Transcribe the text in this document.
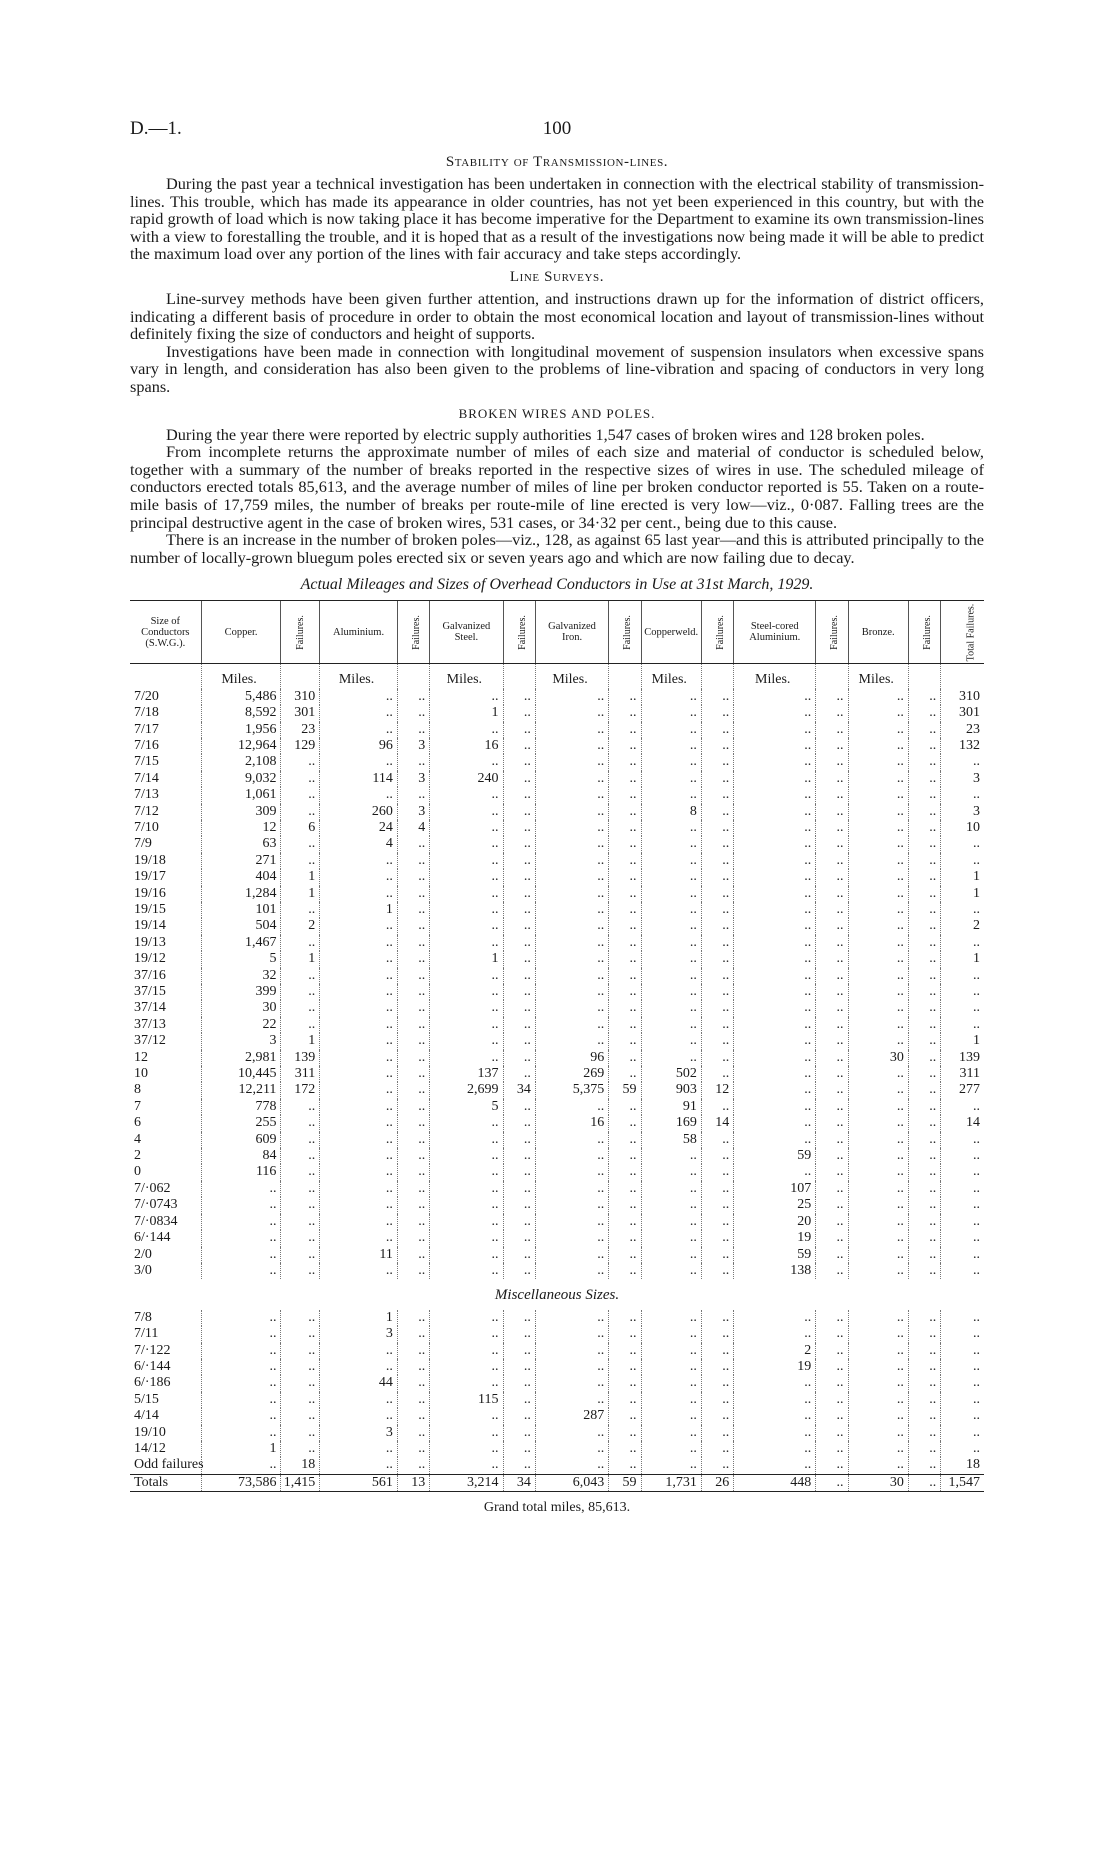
D.—1.	100
Stability of Transmission-lines.

During the past year a technical investigation has been undertaken in connection with the electrical stability of transmission-lines. This trouble, which has made its appearance in older countries, has not yet been experienced in this country, but with the rapid growth of load which is now taking place it has become imperative for the Department to examine its own transmission-lines with a view to forestalling the trouble, and it is hoped that as a result of the investigations now being made it will be able to predict the maximum load over any portion of the lines with fair accuracy and take steps accordingly.

Line Surveys.

Line-survey methods have been given further attention, and instructions drawn up for the information of district officers, indicating a different basis of procedure in order to obtain the most economical location and layout of transmission-lines without definitely fixing the size of conductors and height of supports.

Investigations have been made in connection with longitudinal movement of suspension insulators when excessive spans vary in length, and consideration has also been given to the problems of line-vibration and spacing of conductors in very long spans.

BROKEN WIRES AND POLES.

During the year there were reported by electric supply authorities 1,547 cases of broken wires and 128 broken poles.

From incomplete returns the approximate number of miles of each size and material of conductor is scheduled below, together with a summary of the number of breaks reported in the respective sizes of wires in use. The scheduled mileage of conductors erected totals 85,613, and the average number of miles of line per broken conductor reported is 55. Taken on a route-mile basis of 17,759 miles, the number of breaks per route-mile of line erected is very low—viz., 0·087. Falling trees are the principal destructive agent in the case of broken wires, 531 cases, or 34·32 per cent., being due to this cause.

There is an increase in the number of broken poles—viz., 128, as against 65 last year—and this is attributed principally to the number of locally-grown bluegum poles erected six or seven years ago and which are now failing due to decay.

Actual Mileages and Sizes of Overhead Conductors in Use at 31st March, 1929.
Size of Conductors (S.W.G.).	Copper.	Failures.	Aluminium.	Failures.	Galvanized Steel.	Failures.	Galvanized Iron.	Failures.	Copperweld.	Failures.	Steel-cored Aluminium.	Failures.	Bronze.	Failures.	Total Failures.
	Miles.		Miles.		Miles.		Miles.		Miles.		Miles.		Miles.		
7/20	5,486	310	..	..	..	..	..	..	..	..	..	..	..	..	310
7/18	8,592	301	..	..	1	..	..	..	..	..	..	..	..	..	301
7/17	1,956	23	..	..	..	..	..	..	..	..	..	..	..	..	23
7/16	12,964	129	96	3	16	..	..	..	..	..	..	..	..	..	132
7/15	2,108	..	..	..	..	..	..	..	..	..	..	..	..	..	..
7/14	9,032	..	114	3	240	..	..	..	..	..	..	..	..	..	3
7/13	1,061	..	..	..	..	..	..	..	..	..	..	..	..	..	..
7/12	309	..	260	3	..	..	..	..	8	..	..	..	..	..	3
7/10	12	6	24	4	..	..	..	..	..	..	..	..	..	..	10
7/9	63	..	4	..	..	..	..	..	..	..	..	..	..	..	..
19/18	271	..	..	..	..	..	..	..	..	..	..	..	..	..	..
19/17	404	1	..	..	..	..	..	..	..	..	..	..	..	..	1
19/16	1,284	1	..	..	..	..	..	..	..	..	..	..	..	..	1
19/15	101	..	1	..	..	..	..	..	..	..	..	..	..	..	..
19/14	504	2	..	..	..	..	..	..	..	..	..	..	..	..	2
19/13	1,467	..	..	..	..	..	..	..	..	..	..	..	..	..	..
19/12	5	1	..	..	1	..	..	..	..	..	..	..	..	..	1
37/16	32	..	..	..	..	..	..	..	..	..	..	..	..	..	..
37/15	399	..	..	..	..	..	..	..	..	..	..	..	..	..	..
37/14	30	..	..	..	..	..	..	..	..	..	..	..	..	..	..
37/13	22	..	..	..	..	..	..	..	..	..	..	..	..	..	..
37/12	3	1	..	..	..	..	..	..	..	..	..	..	..	..	1
12	2,981	139	..	..	..	..	96	..	..	..	..	..	30	..	139
10	10,445	311	..	..	137	..	269	..	502	..	..	..	..	..	311
8	12,211	172	..	..	2,699	34	5,375	59	903	12	..	..	..	..	277
7	778	..	..	..	5	..	..	..	91	..	..	..	..	..	..
6	255	..	..	..	..	..	16	..	169	14	..	..	..	..	14
4	609	..	..	..	..	..	..	..	58	..	..	..	..	..	..
2	84	..	..	..	..	..	..	..	..	..	59	..	..	..	..
0	116	..	..	..	..	..	..	..	..	..	..	..	..	..	..
7/·062	..	..	..	..	..	..	..	..	..	..	107	..	..	..	..
7/·0743	..	..	..	..	..	..	..	..	..	..	25	..	..	..	..
7/·0834	..	..	..	..	..	..	..	..	..	..	20	..	..	..	..
6/·144	..	..	..	..	..	..	..	..	..	..	19	..	..	..	..
2/0	..	..	11	..	..	..	..	..	..	..	59	..	..	..	..
3/0	..	..	..	..	..	..	..	..	..	..	138	..	..	..	..
Miscellaneous Sizes.															
7/8	..	..	1	..	..	..	..	..	..	..	..	..	..	..	..
7/11	..	..	3	..	..	..	..	..	..	..	..	..	..	..	..
7/·122	..	..	..	..	..	..	..	..	..	..	2	..	..	..	..
6/·144	..	..	..	..	..	..	..	..	..	..	19	..	..	..	..
6/·186	..	..	44	..	..	..	..	..	..	..	..	..	..	..	..
5/15	..	..	..	..	115	..	..	..	..	..	..	..	..	..	..
4/14	..	..	..	..	..	..	287	..	..	..	..	..	..	..	..
19/10	..	..	3	..	..	..	..	..	..	..	..	..	..	..	..
14/12	1	..	..	..	..	..	..	..	..	..	..	..	..	..	..
Odd failures	..	18	..	..	..	..	..	..	..	..	..	..	..	..	18
Totals	73,586	1,415	561	13	3,214	34	6,043	59	1,731	26	448	..	30	..	1,547
Grand total miles, 85,613.
